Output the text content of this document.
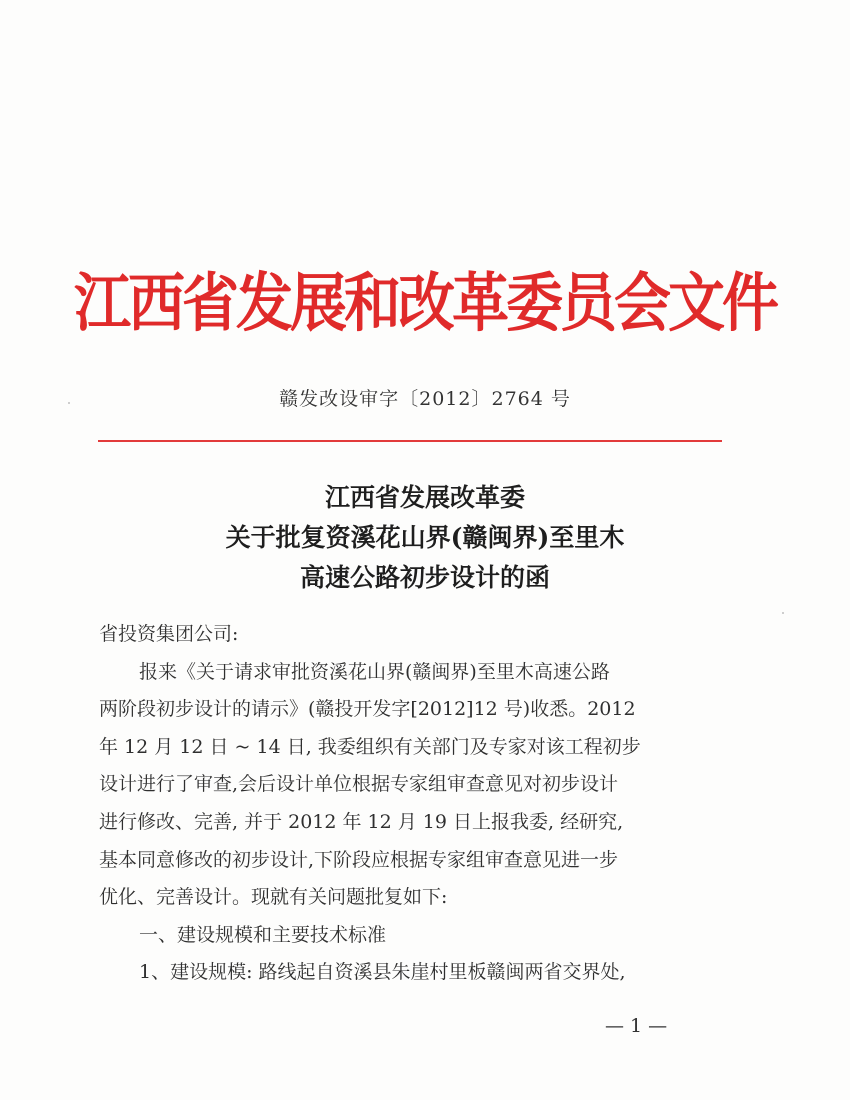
江西省发展和改革委员会文件
赣发改设审字〔2012〕2764 号
江西省发展改革委
关于批复资溪花山界(赣闽界)至里木
高速公路初步设计的函
省投资集团公司:
报来《关于请求审批资溪花山界(赣闽界)至里木高速公路
两阶段初步设计的请示》(赣投开发字[2012]12 号)收悉。2012
年 12 月 12 日 ~ 14 日, 我委组织有关部门及专家对该工程初步
设计进行了审查,会后设计单位根据专家组审查意见对初步设计
进行修改、完善, 并于 2012 年 12 月 19 日上报我委, 经研究,
基本同意修改的初步设计,下阶段应根据专家组审查意见进一步
优化、完善设计。现就有关问题批复如下:
一、建设规模和主要技术标准
1、建设规模: 路线起自资溪县朱崖村里板赣闽两省交界处,
— 1 —
